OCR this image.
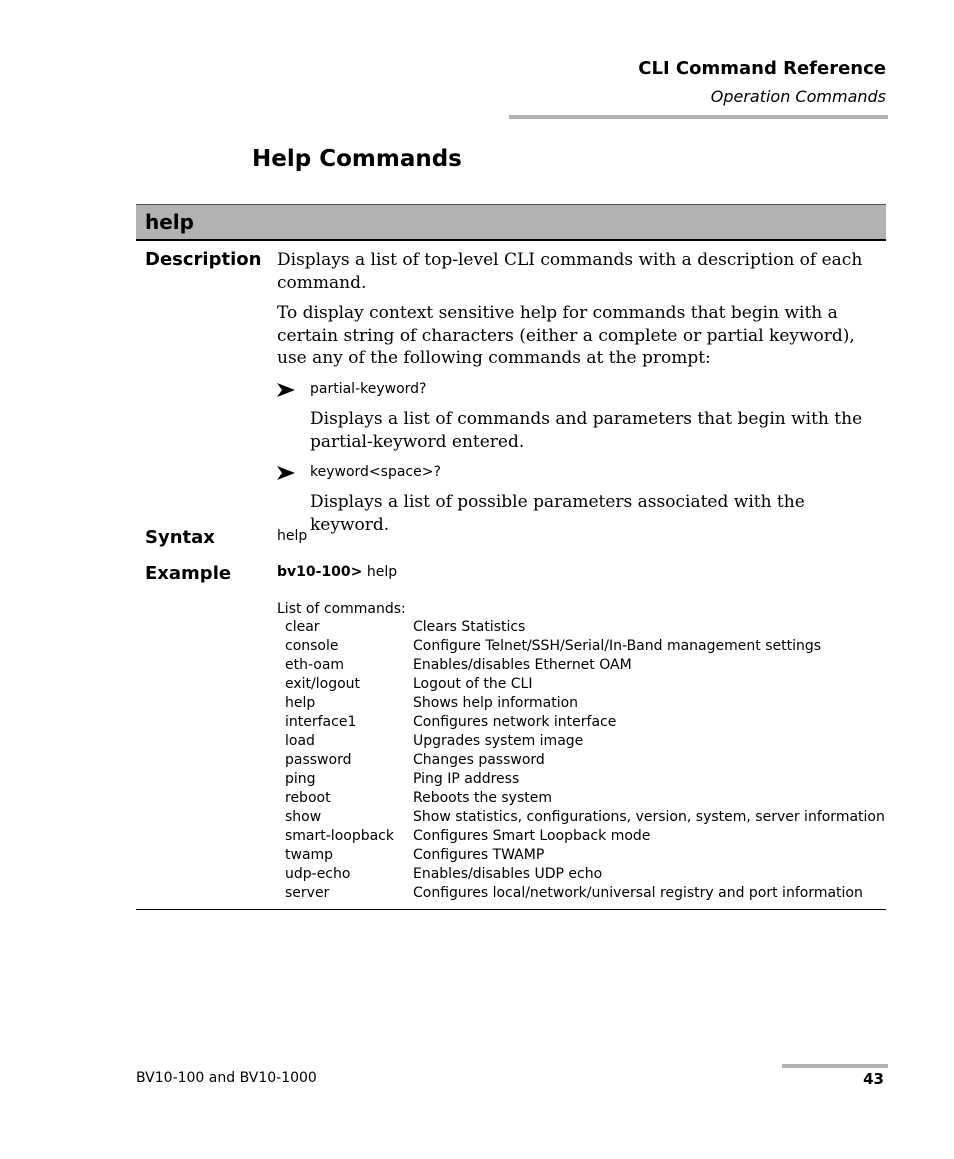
CLI Command Reference
Operation Commands
Help Commands
help
Description Displays a list of top-level CLI commands with a description of each command.
To display context sensitive help for commands that begin with a certain string of characters (either a complete or partial keyword), use any of the following commands at the prompt:
partial-keyword?
Displays a list of commands and parameters that begin with the partial-keyword entered.
keyword<space>?
Displays a list of possible parameters associated with the keyword.
Syntax	help
Example	bv10-100> help
List of commands:
clear	Clears Statistics
console	Configure Telnet/SSH/Serial/In-Band management settings
eth-oam	Enables/disables Ethernet OAM
exit/logout	Logout of the CLI
help	Shows help information
interface1	Configures network interface
load	Upgrades system image
password	Changes password
ping	Ping IP address
reboot	Reboots the system
show	Show statistics, configurations, version, system, server information
smart-loopback Configures Smart Loopback mode
twamp	Configures TWAMP
udp-echo	Enables/disables UDP echo
server	Configures local/network/universal registry and port information
BV10-100 and BV10-1000	43
